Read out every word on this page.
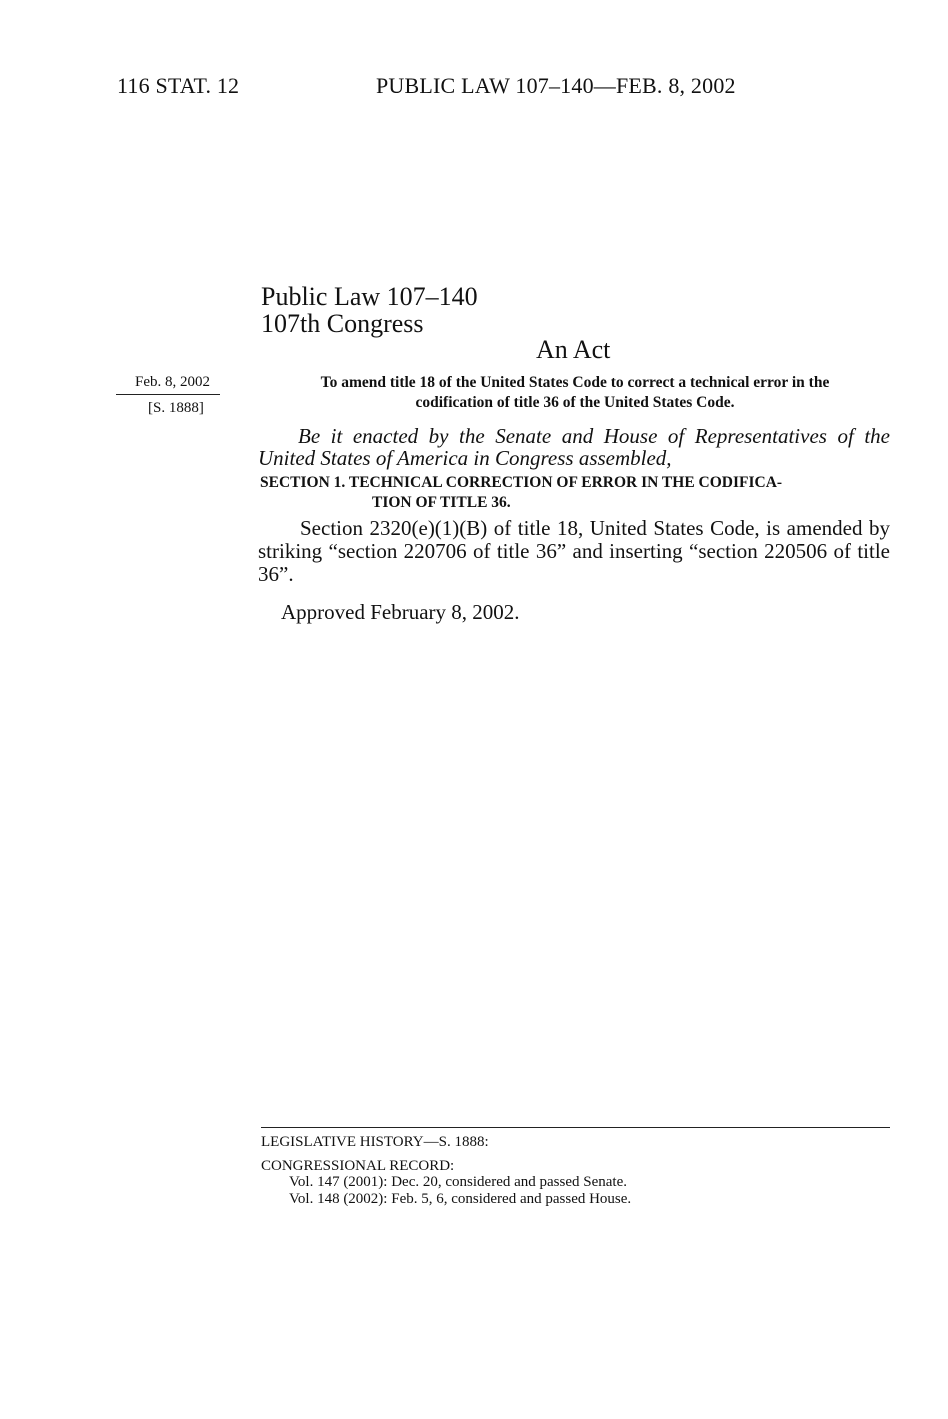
116 STAT. 12	PUBLIC LAW 107–140—FEB. 8, 2002
Public Law 107–140
107th Congress
An Act
Feb. 8, 2002
[S. 1888]
To amend title 18 of the United States Code to correct a technical error in the
codification of title 36 of the United States Code.
Be it enacted by the Senate and House of Representatives of the United States of America in Congress assembled,
SECTION 1. TECHNICAL CORRECTION OF ERROR IN THE CODIFICA-
TION OF TITLE 36.
Section 2320(e)(1)(B) of title 18, United States Code, is amended by striking “section 220706 of title 36” and inserting “section 220506 of title 36”.
Approved February 8, 2002.
LEGISLATIVE HISTORY—S. 1888:
CONGRESSIONAL RECORD:
Vol. 147 (2001): Dec. 20, considered and passed Senate.
Vol. 148 (2002): Feb. 5, 6, considered and passed House.
